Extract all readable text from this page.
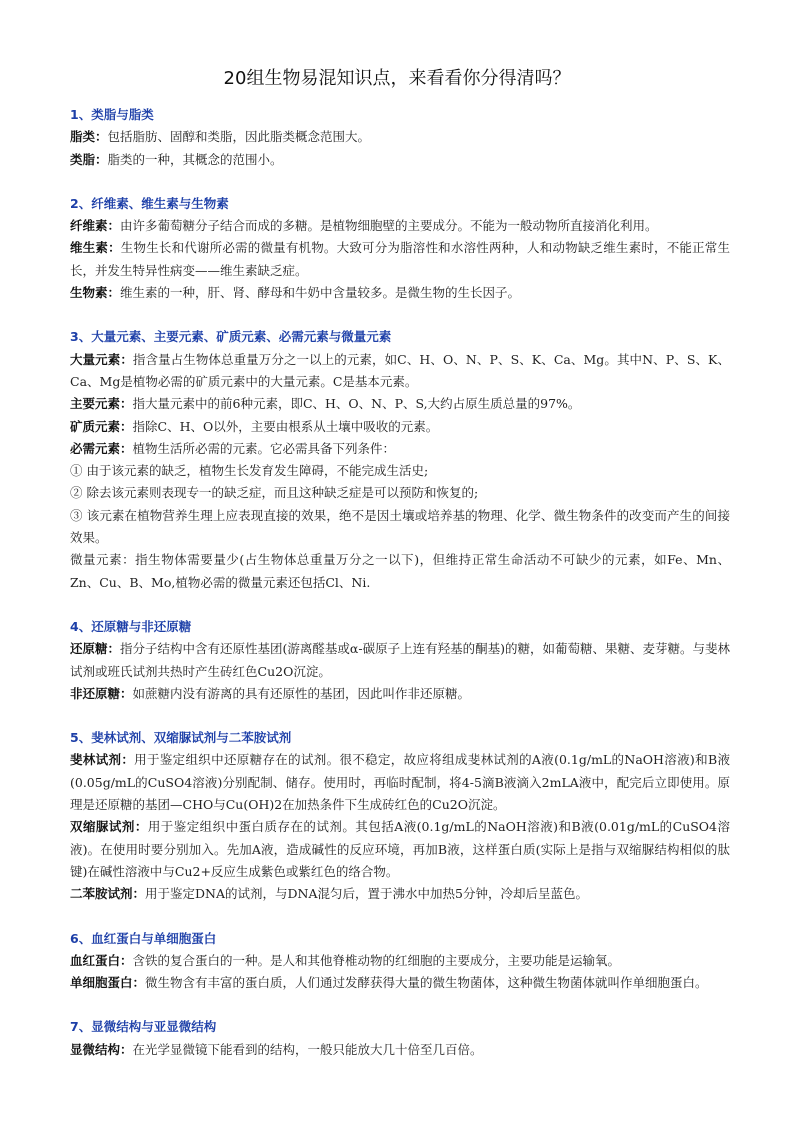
20组生物易混知识点，来看看你分得清吗？
1、类脂与脂类
脂类：包括脂肪、固醇和类脂，因此脂类概念范围大。
类脂：脂类的一种，其概念的范围小。
2、纤维素、维生素与生物素
纤维素：由许多葡萄糖分子结合而成的多糖。是植物细胞壁的主要成分。不能为一般动物所直接消化利用。
维生素：生物生长和代谢所必需的微量有机物。大致可分为脂溶性和水溶性两种，人和动物缺乏维生素时，不能正常生长，并发生特异性病变——维生素缺乏症。
生物素：维生素的一种，肝、肾、酵母和牛奶中含量较多。是微生物的生长因子。
3、大量元素、主要元素、矿质元素、必需元素与微量元素
大量元素：指含量占生物体总重量万分之一以上的元素，如C、H、O、N、P、S、K、Ca、Mg。其中N、P、S、K、Ca、Mg是植物必需的矿质元素中的大量元素。C是基本元素。
主要元素：指大量元素中的前6种元素，即C、H、O、N、P、S,大约占原生质总量的97%。
矿质元素：指除C、H、O以外，主要由根系从土壤中吸收的元素。
必需元素：植物生活所必需的元素。它必需具备下列条件：
① 由于该元素的缺乏，植物生长发育发生障碍，不能完成生活史;
② 除去该元素则表现专一的缺乏症，而且这种缺乏症是可以预防和恢复的;
③ 该元素在植物营养生理上应表现直接的效果，绝不是因土壤或培养基的物理、化学、微生物条件的改变而产生的间接效果。
微量元素：指生物体需要量少(占生物体总重量万分之一以下)，但维持正常生命活动不可缺少的元素，如Fe、Mn、Zn、Cu、B、Mo,植物必需的微量元素还包括Cl、Ni.
4、还原糖与非还原糖
还原糖：指分子结构中含有还原性基团(游离醛基或α-碳原子上连有羟基的酮基)的糖，如葡萄糖、果糖、麦芽糖。与斐林试剂或班氏试剂共热时产生砖红色Cu2O沉淀。
非还原糖：如蔗糖内没有游离的具有还原性的基团，因此叫作非还原糖。
5、斐林试剂、双缩脲试剂与二苯胺试剂
斐林试剂：用于鉴定组织中还原糖存在的试剂。很不稳定，故应将组成斐林试剂的A液(0.1g/mL的NaOH溶液)和B液(0.05g/mL的CuSO4溶液)分别配制、储存。使用时，再临时配制，将4-5滴B液滴入2mLA液中，配完后立即使用。原理是还原糖的基团—CHO与Cu(OH)2在加热条件下生成砖红色的Cu2O沉淀。
双缩脲试剂：用于鉴定组织中蛋白质存在的试剂。其包括A液(0.1g/mL的NaOH溶液)和B液(0.01g/mL的CuSO4溶液)。在使用时要分别加入。先加A液，造成碱性的反应环境，再加B液，这样蛋白质(实际上是指与双缩脲结构相似的肽键)在碱性溶液中与Cu2+反应生成紫色或紫红色的络合物。
二苯胺试剂：用于鉴定DNA的试剂，与DNA混匀后，置于沸水中加热5分钟，冷却后呈蓝色。
6、血红蛋白与单细胞蛋白
血红蛋白：含铁的复合蛋白的一种。是人和其他脊椎动物的红细胞的主要成分，主要功能是运输氧。
单细胞蛋白：微生物含有丰富的蛋白质，人们通过发酵获得大量的微生物菌体，这种微生物菌体就叫作单细胞蛋白。
7、显微结构与亚显微结构
显微结构：在光学显微镜下能看到的结构，一般只能放大几十倍至几百倍。
